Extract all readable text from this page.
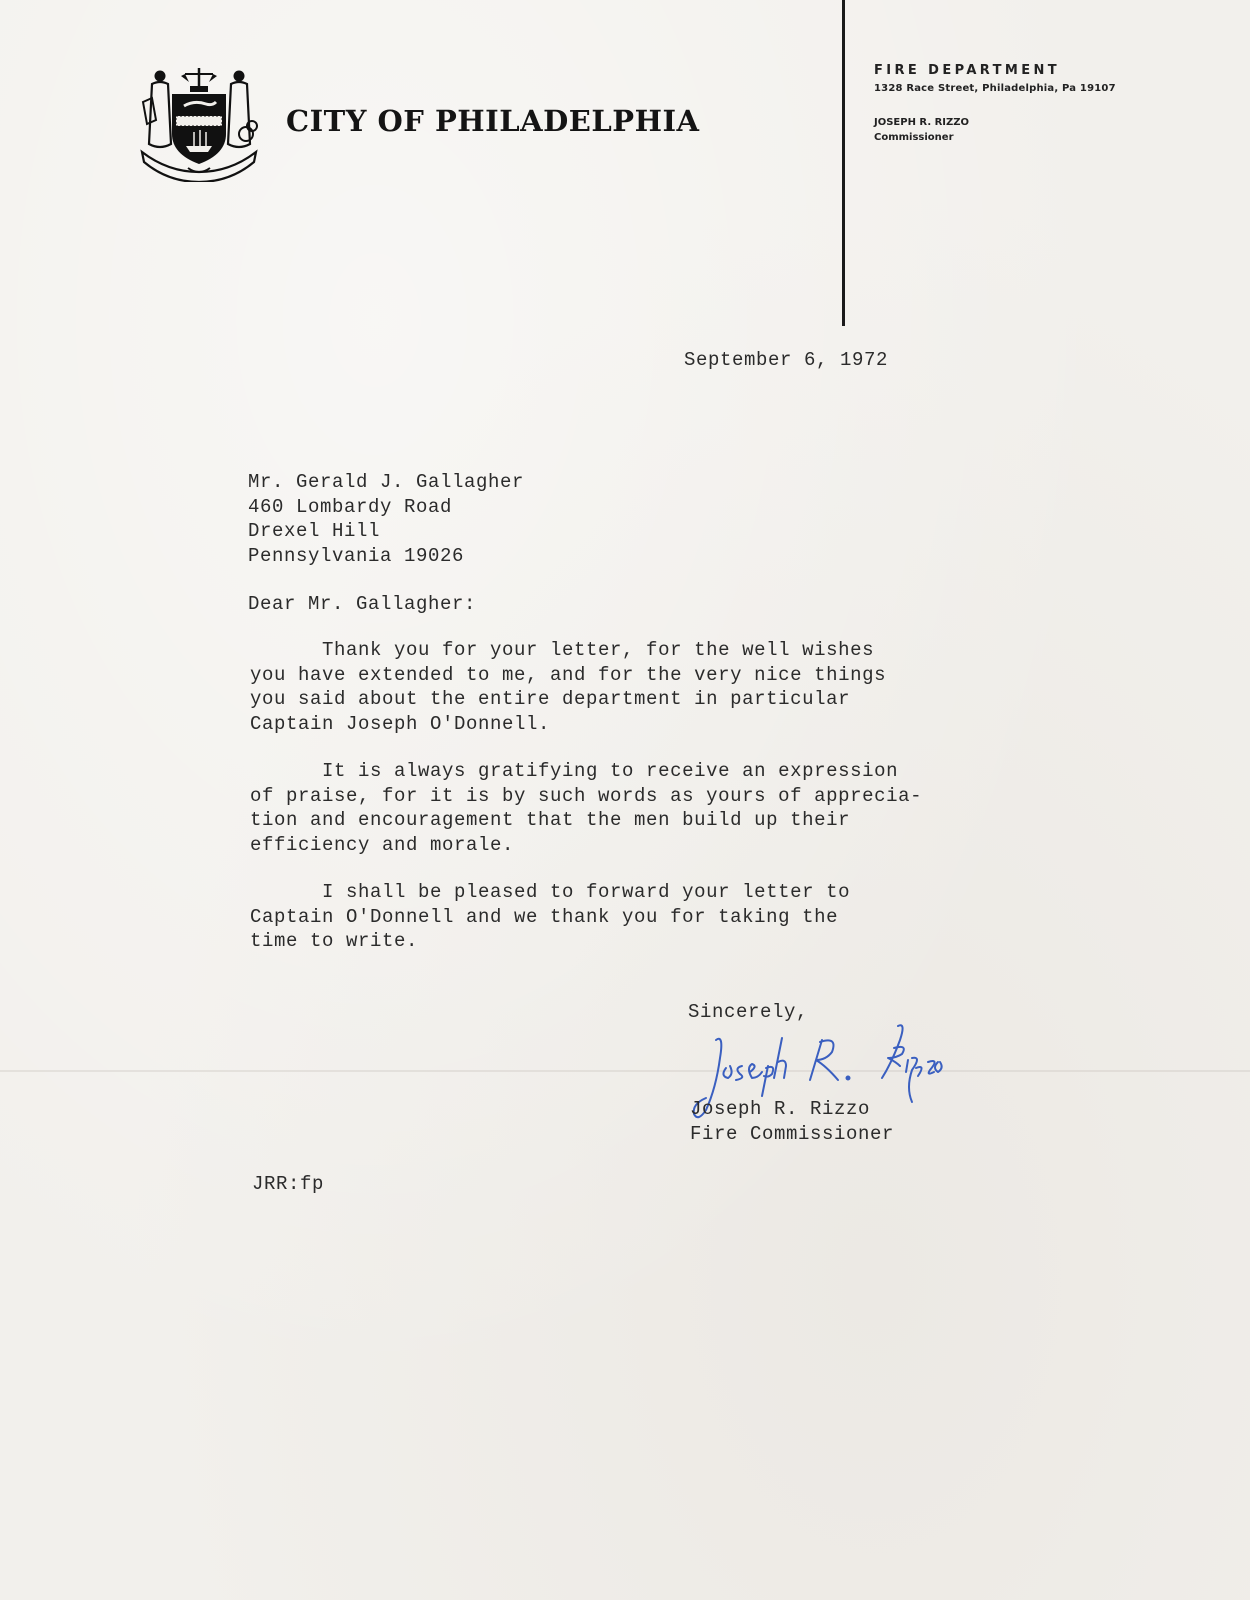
CITY OF PHILADELPHIA
FIRE DEPARTMENT
1328 Race Street, Philadelphia, Pa 19107
JOSEPH R. RIZZO
Commissioner
September 6, 1972
Mr. Gerald J. Gallagher
460 Lombardy Road
Drexel Hill
Pennsylvania 19026
Dear Mr. Gallagher:
Thank you for your letter, for the well wishes
you have extended to me, and for the very nice things
you said about the entire department in particular
Captain Joseph O'Donnell.
It is always gratifying to receive an expression
of praise, for it is by such words as yours of apprecia-
tion and encouragement that the men build up their
efficiency and morale.
I shall be pleased to forward your letter to
Captain O'Donnell and we thank you for taking the
time to write.
Sincerely,
Joseph R. Rizzo
Fire Commissioner
JRR:fp
